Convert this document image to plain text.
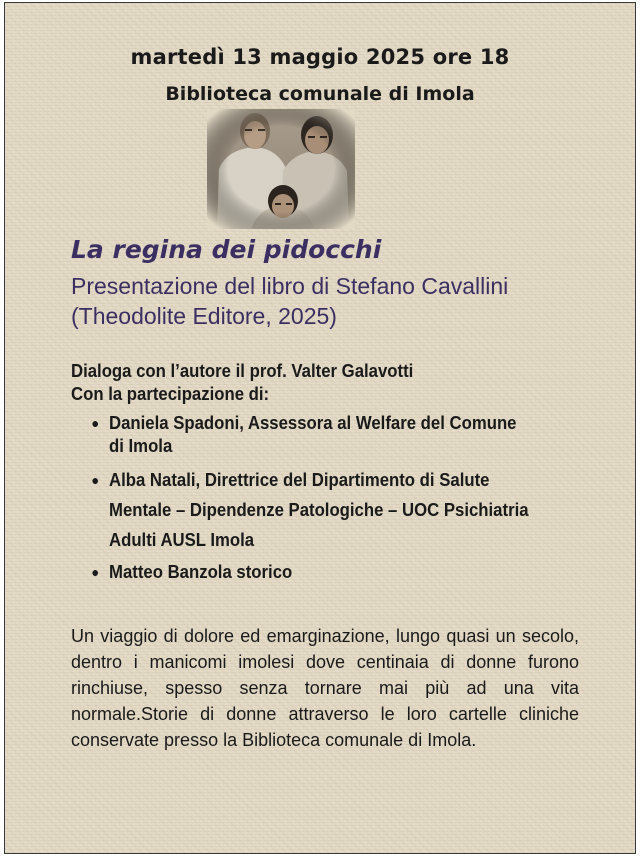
martedì 13 maggio 2025 ore 18
Biblioteca comunale di Imola
La regina dei pidocchi
Presentazione del libro di Stefano Cavallini
(Theodolite Editore, 2025)
Dialoga con l’autore il prof. Valter Galavotti
Con la partecipazione di:
● Daniela Spadoni, Assessora al Welfare del Comune
di Imola
● Alba Natali, Direttrice del Dipartimento di Salute
Mentale – Dipendenze Patologiche – UOC Psichiatria
Adulti AUSL Imola
● Matteo Banzola storico
Un viaggio di dolore ed emarginazione, lungo quasi un secolo, dentro i manicomi imolesi dove centinaia di donne furono rinchiuse, spesso senza tornare mai più ad una vita normale.Storie di donne attraverso le loro cartelle cliniche conservate presso la Biblioteca comunale di Imola.
